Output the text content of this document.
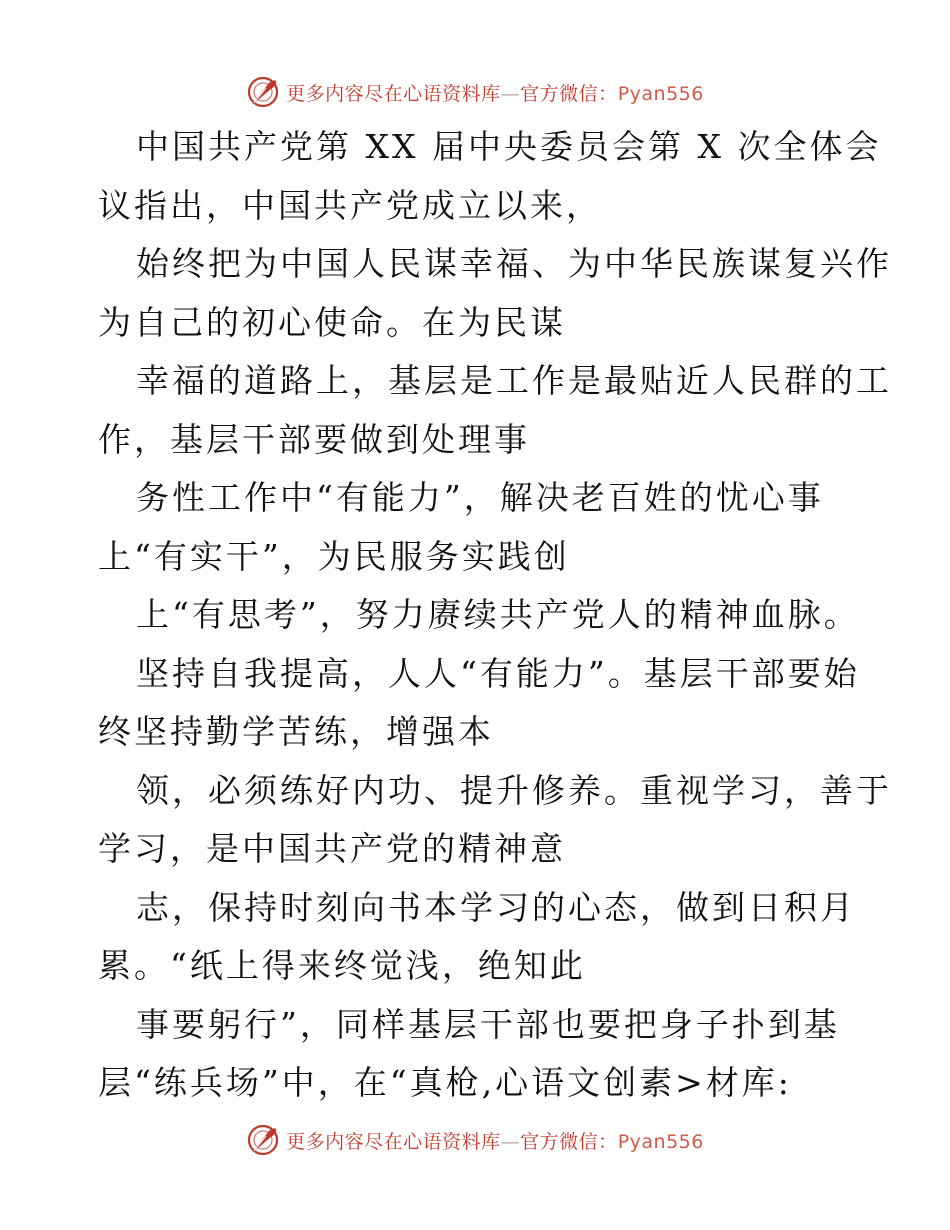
更多内容尽在心语资料库—官方微信：Pyan556
中国共产党第 XX 届中央委员会第 X 次全体会
议指出，中国共产党成立以来，
始终把为中国人民谋幸福、为中华民族谋复兴作
为自己的初心使命。在为民谋
幸福的道路上，基层是工作是最贴近人民群的工
作，基层干部要做到处理事
务性工作中“有能力”，解决老百姓的忧心事
上“有实干”，为民服务实践创
上“有思考”，努力赓续共产党人的精神血脉。
坚持自我提高，人人“有能力”。基层干部要始
终坚持勤学苦练，增强本
领，必须练好内功、提升修养。重视学习，善于
学习，是中国共产党的精神意
志，保持时刻向书本学习的心态，做到日积月
累。“纸上得来终觉浅，绝知此
事要躬行”，同样基层干部也要把身子扑到基
层“练兵场”中，在“真枪,心语文创素>材库:
更多内容尽在心语资料库—官方微信：Pyan556
